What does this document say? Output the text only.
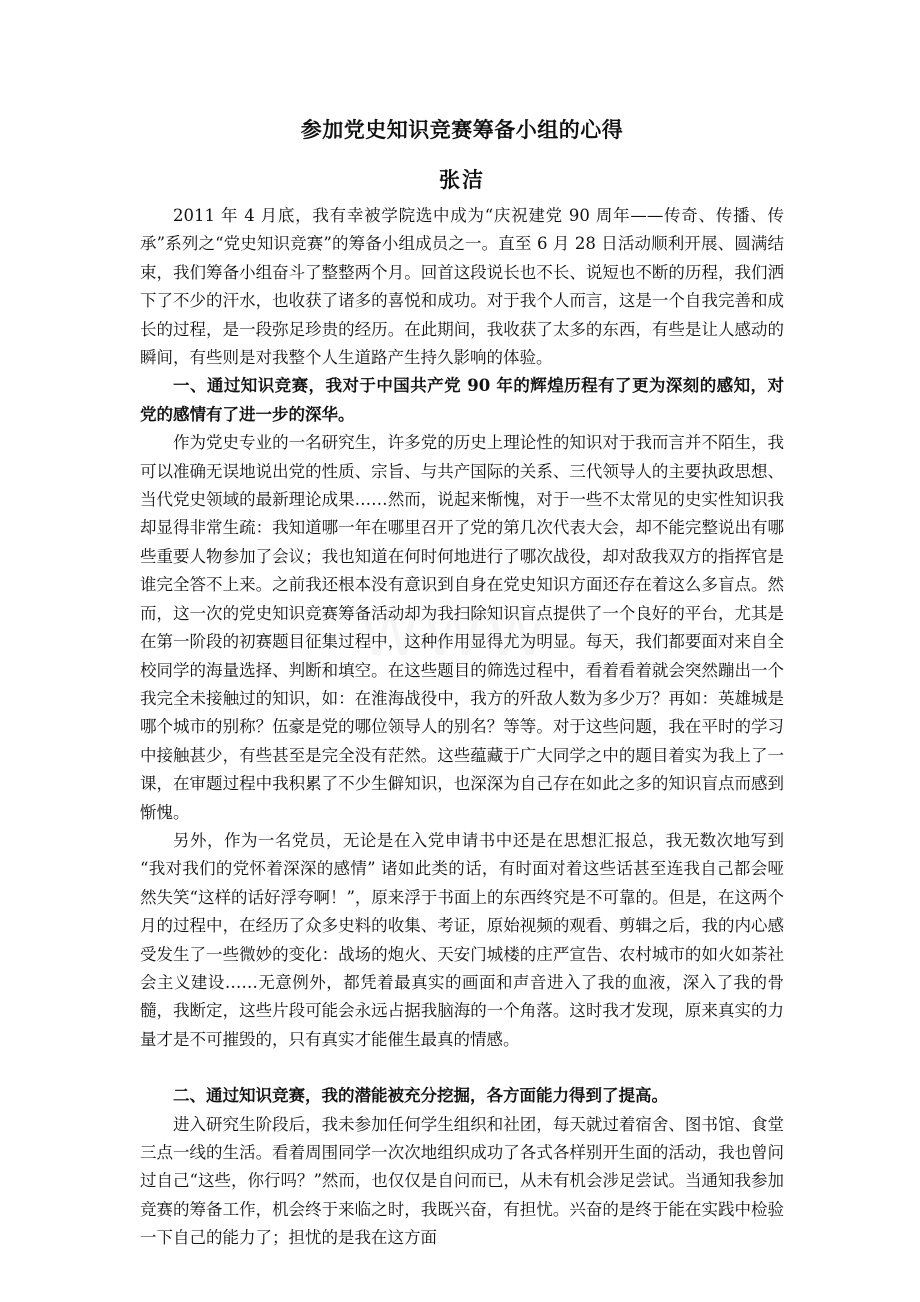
参加党史知识竞赛筹备小组的心得
张洁

2011 年 4 月底，我有幸被学院选中成为“庆祝建党 90 周年——传奇、传播、传承”系列之“党史知识竞赛”的筹备小组成员之一。直至 6 月 28 日活动顺利开展、圆满结束，我们筹备小组奋斗了整整两个月。回首这段说长也不长、说短也不断的历程，我们洒下了不少的汗水，也收获了诸多的喜悦和成功。对于我个人而言，这是一个自我完善和成长的过程，是一段弥足珍贵的经历。在此期间，我收获了太多的东西，有些是让人感动的瞬间，有些则是对我整个人生道路产生持久影响的体验。

一、通过知识竞赛，我对于中国共产党 90 年的辉煌历程有了更为深刻的感知，对党的感情有了进一步的深华。

作为党史专业的一名研究生，许多党的历史上理论性的知识对于我而言并不陌生，我可以准确无误地说出党的性质、宗旨、与共产国际的关系、三代领导人的主要执政思想、当代党史领域的最新理论成果……然而，说起来惭愧，对于一些不太常见的史实性知识我却显得非常生疏：我知道哪一年在哪里召开了党的第几次代表大会，却不能完整说出有哪些重要人物参加了会议；我也知道在何时何地进行了哪次战役，却对敌我双方的指挥官是谁完全答不上来。之前我还根本没有意识到自身在党史知识方面还存在着这么多盲点。然而，这一次的党史知识竞赛筹备活动却为我扫除知识盲点提供了一个良好的平台，尤其是在第一阶段的初赛题目征集过程中，这种作用显得尤为明显。每天，我们都要面对来自全校同学的海量选择、判断和填空。在这些题目的筛选过程中，看着看着就会突然蹦出一个我完全未接触过的知识，如：在淮海战役中，我方的歼敌人数为多少万？再如：英雄城是哪个城市的别称？伍豪是党的哪位领导人的别名？等等。对于这些问题，我在平时的学习中接触甚少，有些甚至是完全没有茫然。这些蕴藏于广大同学之中的题目着实为我上了一课，在审题过程中我积累了不少生僻知识，也深深为自己存在如此之多的知识盲点而感到惭愧。

另外，作为一名党员，无论是在入党申请书中还是在思想汇报总，我无数次地写到 “我对我们的党怀着深深的感情” 诸如此类的话，有时面对着这些话甚至连我自己都会哑然失笑“这样的话好浮夸啊！”，原来浮于书面上的东西终究是不可靠的。但是，在这两个月的过程中，在经历了众多史料的收集、考证，原始视频的观看、剪辑之后，我的内心感受发生了一些微妙的变化：战场的炮火、天安门城楼的庄严宣告、农村城市的如火如荼社会主义建设……无意例外，都凭着最真实的画面和声音进入了我的血液，深入了我的骨髓，我断定，这些片段可能会永远占据我脑海的一个角落。这时我才发现，原来真实的力量才是不可摧毁的，只有真实才能催生最真的情感。

二、通过知识竞赛，我的潜能被充分挖掘，各方面能力得到了提高。

进入研究生阶段后，我未参加任何学生组织和社团，每天就过着宿舍、图书馆、食堂三点一线的生活。看着周围同学一次次地组织成功了各式各样别开生面的活动，我也曾问过自己“这些，你行吗？”然而，也仅仅是自问而已，从未有机会涉足尝试。当通知我参加竞赛的筹备工作，机会终于来临之时，我既兴奋，有担忧。兴奋的是终于能在实践中检验一下自己的能力了；担忧的是我在这方面
